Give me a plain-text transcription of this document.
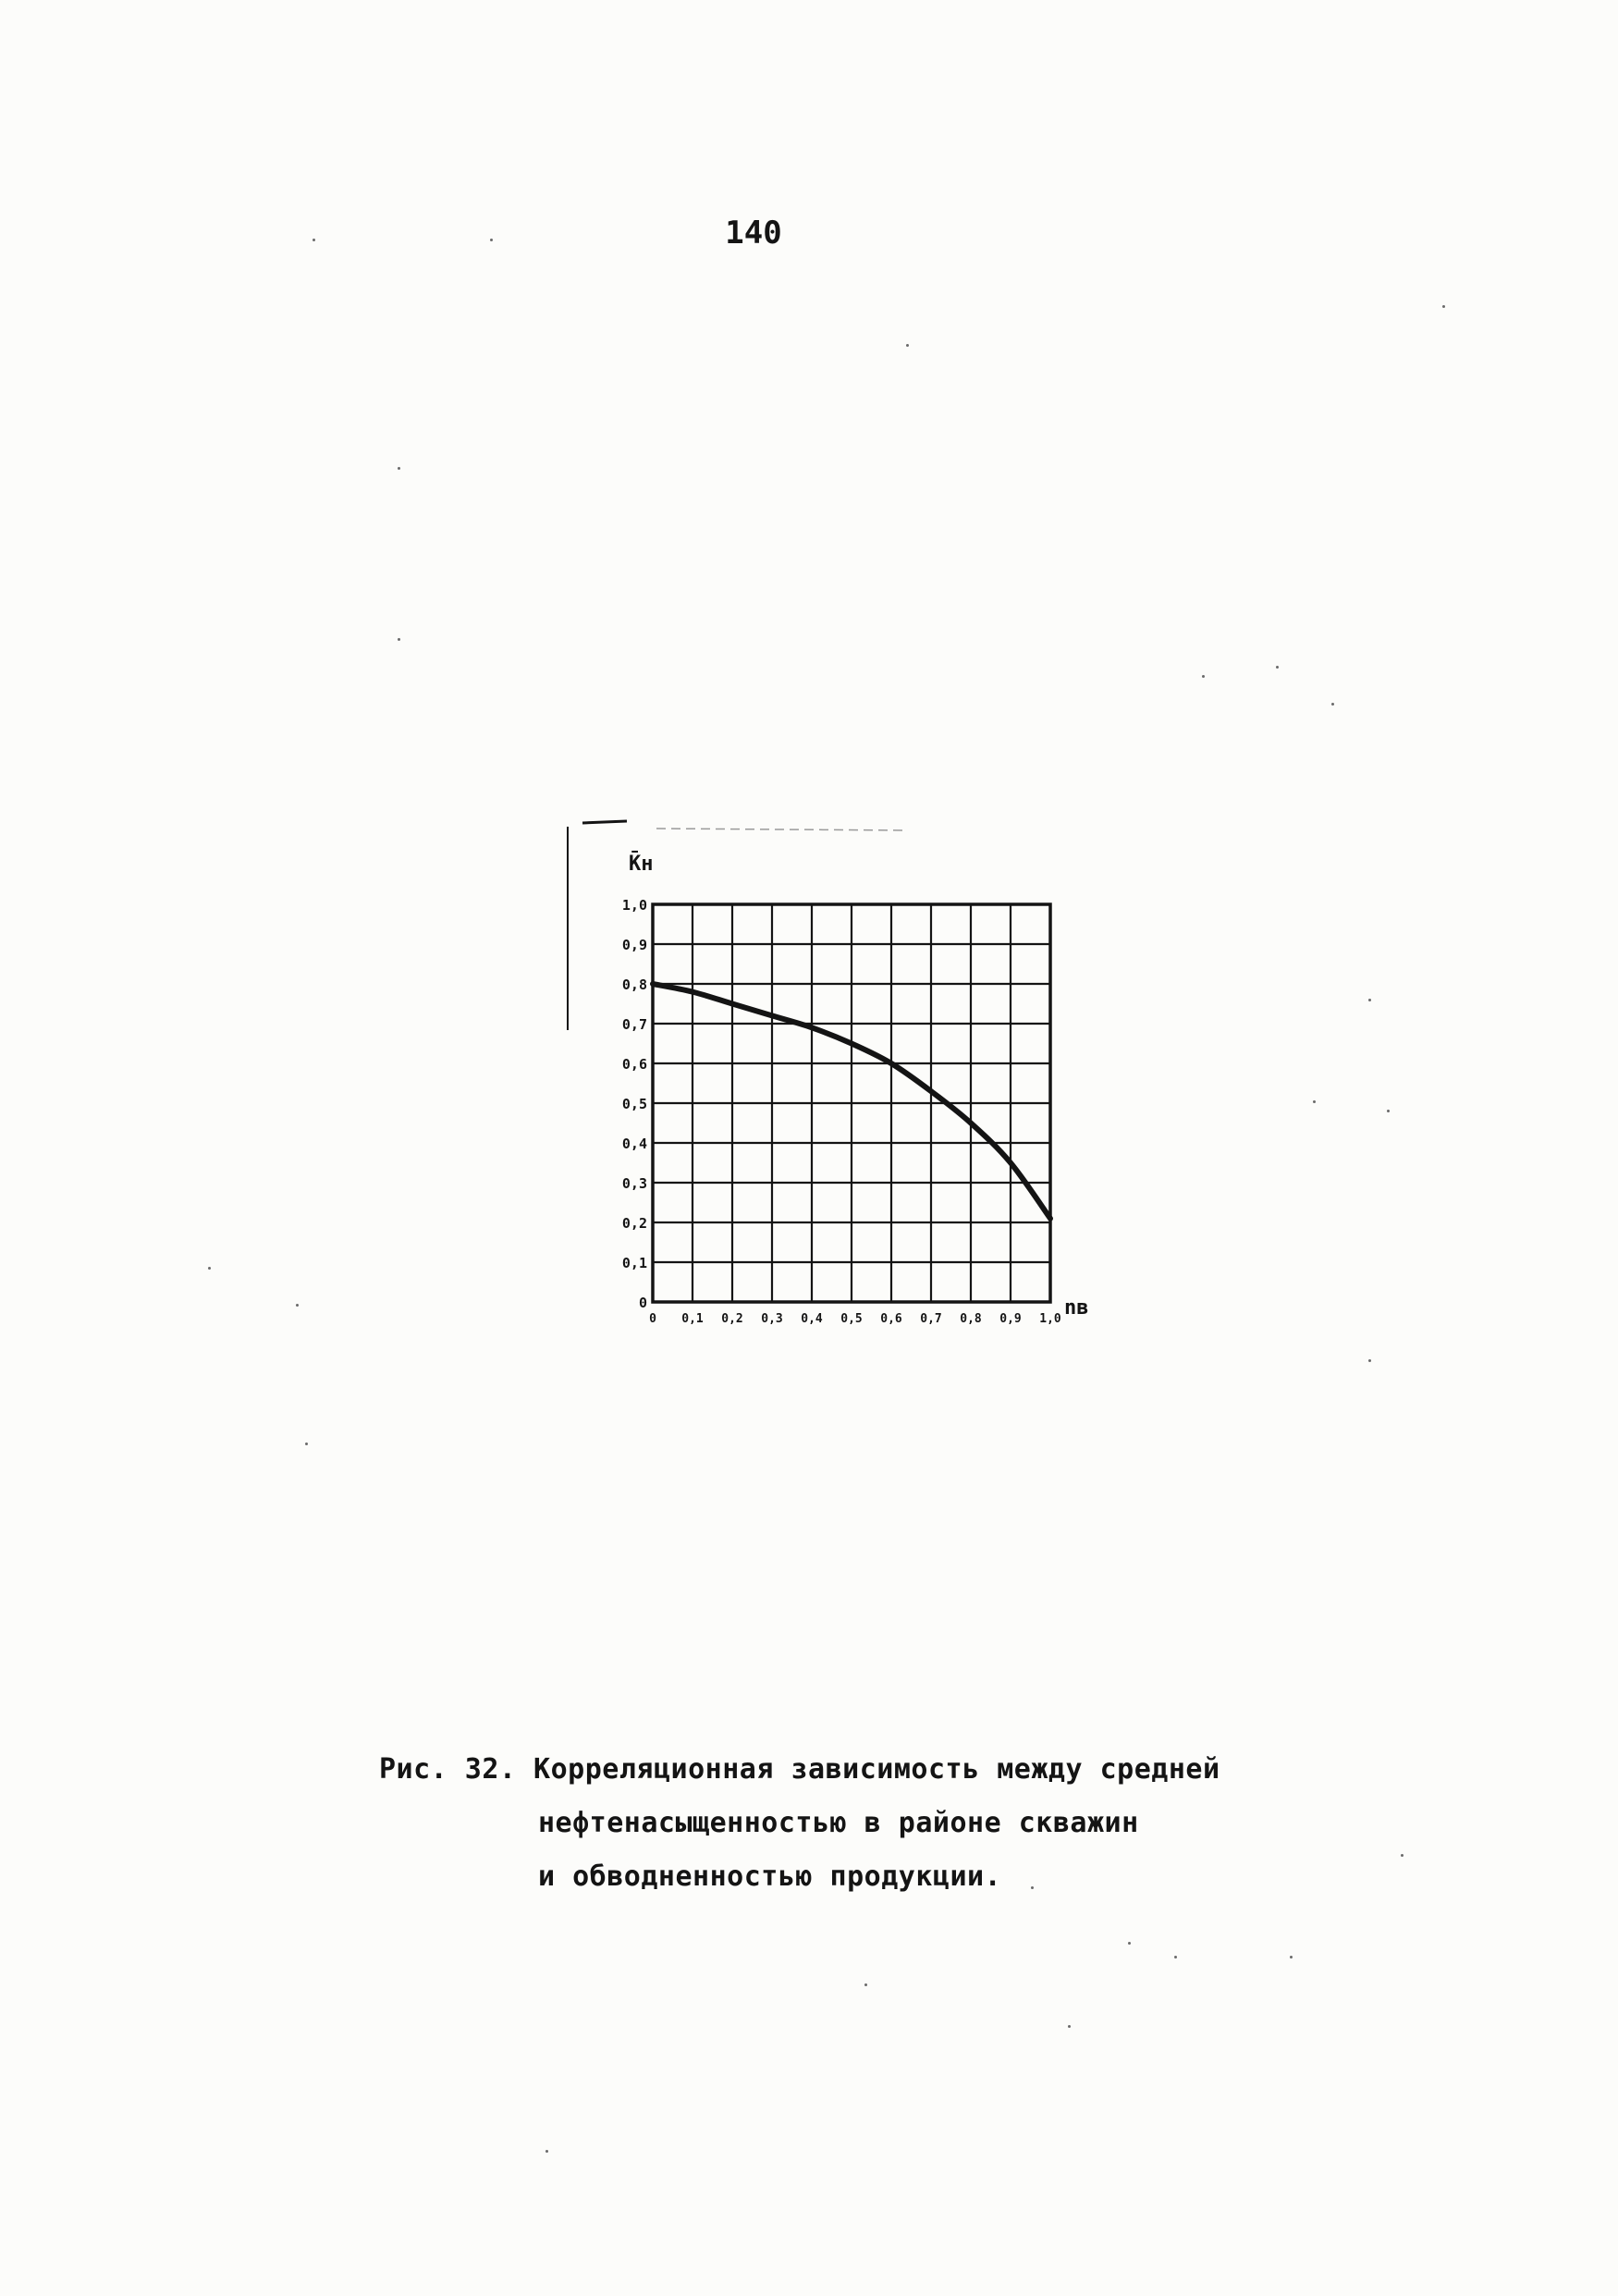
140
0
0,1
0,2
0,3
0,4
0,5
0,6
0,7
0,8
0,9
1,0
0 0,1 0,2 0,3 0,4 0,5 0,6 0,7 0,8 0,9 1,0
K̄н
nв
Рис. 32. Корреляционная зависимость между средней
нефтенасыщенностью в районе скважин
и обводненностью продукции.
